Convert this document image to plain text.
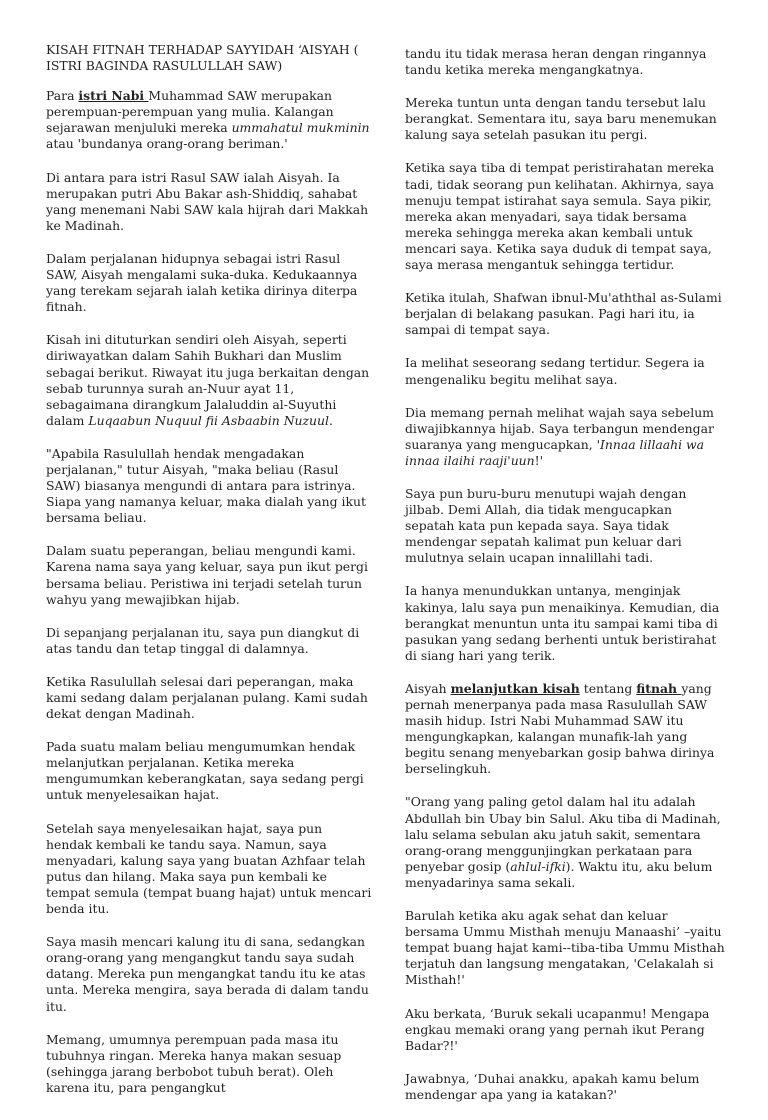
KISAH FITNAH TERHADAP SAYYIDAH ‘AISYAH ( ISTRI BAGINDA RASULULLAH SAW)

Para istri Nabi Muhammad SAW merupakan perempuan-perempuan yang mulia. Kalangan sejarawan menjuluki mereka ummahatul mukminin atau 'bundanya orang-orang beriman.'

Di antara para istri Rasul SAW ialah Aisyah. Ia merupakan putri Abu Bakar ash-Shiddiq, sahabat yang menemani Nabi SAW kala hijrah dari Makkah ke Madinah.

Dalam perjalanan hidupnya sebagai istri Rasul SAW, Aisyah mengalami suka-duka. Kedukaannya yang terekam sejarah ialah ketika dirinya diterpa fitnah.

Kisah ini dituturkan sendiri oleh Aisyah, seperti diriwayatkan dalam Sahih Bukhari dan Muslim sebagai berikut. Riwayat itu juga berkaitan dengan sebab turunnya surah an-Nuur ayat 11, sebagaimana dirangkum Jalaluddin al-Suyuthi dalam Luqaabun Nuquul fii Asbaabin Nuzuul.

"Apabila Rasulullah hendak mengadakan perjalanan," tutur Aisyah, "maka beliau (Rasul SAW) biasanya mengundi di antara para istrinya. Siapa yang namanya keluar, maka dialah yang ikut bersama beliau.

Dalam suatu peperangan, beliau mengundi kami. Karena nama saya yang keluar, saya pun ikut pergi bersama beliau. Peristiwa ini terjadi setelah turun wahyu yang mewajibkan hijab.

Di sepanjang perjalanan itu, saya pun diangkut di atas tandu dan tetap tinggal di dalamnya.

Ketika Rasulullah selesai dari peperangan, maka kami sedang dalam perjalanan pulang. Kami sudah dekat dengan Madinah.

Pada suatu malam beliau mengumumkan hendak melanjutkan perjalanan. Ketika mereka mengumumkan keberangkatan, saya sedang pergi untuk menyelesaikan hajat.

Setelah saya menyelesaikan hajat, saya pun hendak kembali ke tandu saya. Namun, saya menyadari, kalung saya yang buatan Azhfaar telah putus dan hilang. Maka saya pun kembali ke tempat semula (tempat buang hajat) untuk mencari benda itu.

Saya masih mencari kalung itu di sana, sedangkan orang-orang yang mengangkut tandu saya sudah datang. Mereka pun mengangkat tandu itu ke atas unta. Mereka mengira, saya berada di dalam tandu itu.

Memang, umumnya perempuan pada masa itu tubuhnya ringan. Mereka hanya makan sesuap (sehingga jarang berbobot tubuh berat). Oleh karena itu, para pengangkut

tandu itu tidak merasa heran dengan ringannya tandu ketika mereka mengangkatnya.

Mereka tuntun unta dengan tandu tersebut lalu berangkat. Sementara itu, saya baru menemukan kalung saya setelah pasukan itu pergi.

Ketika saya tiba di tempat peristirahatan mereka tadi, tidak seorang pun kelihatan. Akhirnya, saya menuju tempat istirahat saya semula. Saya pikir, mereka akan menyadari, saya tidak bersama mereka sehingga mereka akan kembali untuk mencari saya. Ketika saya duduk di tempat saya, saya merasa mengantuk sehingga tertidur.

Ketika itulah, Shafwan ibnul-Mu'aththal as-Sulami berjalan di belakang pasukan. Pagi hari itu, ia sampai di tempat saya.

Ia melihat seseorang sedang tertidur. Segera ia mengenaliku begitu melihat saya.

Dia memang pernah melihat wajah saya sebelum diwajibkannya hijab. Saya terbangun mendengar suaranya yang mengucapkan, 'Innaa lillaahi wa innaa ilaihi raaji'uun!'

Saya pun buru-buru menutupi wajah dengan jilbab. Demi Allah, dia tidak mengucapkan sepatah kata pun kepada saya. Saya tidak mendengar sepatah kalimat pun keluar dari mulutnya selain ucapan innalillahi tadi.

Ia hanya menundukkan untanya, menginjak kakinya, lalu saya pun menaikinya. Kemudian, dia berangkat menuntun unta itu sampai kami tiba di pasukan yang sedang berhenti untuk beristirahat di siang hari yang terik.

Aisyah melanjutkan kisah tentang fitnah yang pernah menerpanya pada masa Rasulullah SAW masih hidup. Istri Nabi Muhammad SAW itu mengungkapkan, kalangan munafik-lah yang begitu senang menyebarkan gosip bahwa dirinya berselingkuh.

"Orang yang paling getol dalam hal itu adalah Abdullah bin Ubay bin Salul. Aku tiba di Madinah, lalu selama sebulan aku jatuh sakit, sementara orang-orang menggunjingkan perkataan para penyebar gosip (ahlul-ifki). Waktu itu, aku belum menyadarinya sama sekali.

Barulah ketika aku agak sehat dan keluar bersama Ummu Misthah menuju Manaashi’ –yaitu tempat buang hajat kami--tiba-tiba Ummu Misthah terjatuh dan langsung mengatakan, 'Celakalah si Misthah!'

Aku berkata, ‘Buruk sekali ucapanmu! Mengapa engkau memaki orang yang pernah ikut Perang Badar?!'

Jawabnya, ‘Duhai anakku, apakah kamu belum mendengar apa yang ia katakan?'
